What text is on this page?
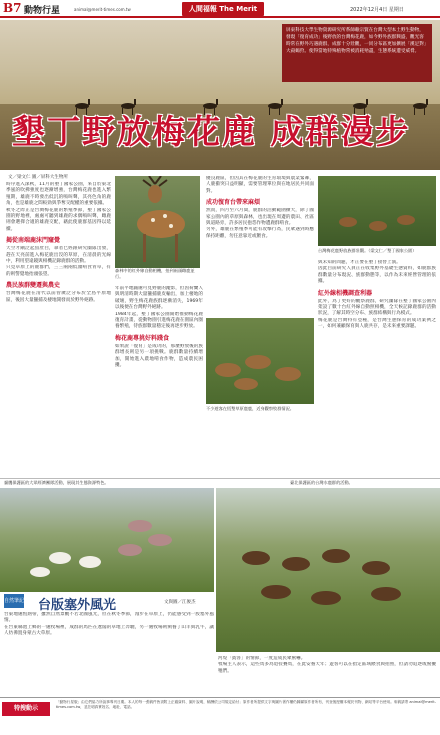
B7 動物行星	animal@merit-times.com.tw	人間福報 The Merit	2022年12月4日 星期日
屏東科技大學生物資源研究所系師賴宗賢在台灣大型本土野生動物，發現「復育成功」後野放的台灣梅花鹿，如今野外族群興盛，觀光客時常在野外巧遇鹿群，成群十分壯觀，一同分布區更加擴展「漢足對」大殺鶴狩。使得當地特殊植物常被消耗殆盡，生態系統遭受威脅。
墾丁野放梅花鹿 成群漫步
文／梁文仁 圖／屏科大生物所
森林中的紅外線自動相機，拍到兩頭雌鹿並行。

時序進入深秋，11月的墾丁國家公園，來自於東北季風的吹拂強度也逐漸增強，台灣梅花鹿也進入繁殖期，雄鹿不時發出低沉的鳴叫聲，其亮色角的鹿角，也是雄鹿之間較勁與爭奪交配權的重要依據。

秋冬之際正是台灣梅花鹿的繁殖季節，墾丁國家公園的野地裡，處處可聽到雄鹿的求偶鳴叫聲，雌鹿則會選擇合適的雄鹿交配，藉此使鹿群基因得以延續。

揭從南端鹿沫門窿覺

天空才剛泛起魚肚白，筆者已經跟研究團隊出發，趕在天亮前進入梅花鹿出沒的草原，在清晨的光線中，利用望遠鏡與相機記錄鹿群的活動。

只見草原上的鹿群們，三三兩兩低頭啃食青草，有的則警覺地抬頭張望。

農民族群變遷與農史

台灣梅花鹿在清代以前曾廣泛分布於全島平原地區，後因大量獵捕及棲地開發而於野外絕跡。

年前平地隨處可見野鹿的蹤影，但因荷蘭人與明清時期大量獵捕鹿皮輸出，加上棲地的破壞，野生梅花鹿族群逐漸消失，1969年以後便在台灣野外絕跡。

1984年起，墾丁國家公園開始推動梅花鹿復育計畫，從動物園引進梅花鹿在園區內圈養繁殖，待族群數量穩定後再逐步野放。

梅花鹿專挑好料踐食

如果說「復育」是成功的，那麼野放後的族群增長則是另一項挑戰。鹿群數量持續增加，開始進入農地啃食作物，造成農民困擾。

優良鹿區，但因其在梅花鹿的生育環境與農業緊鄰，人鹿衝突日益明顯，需要管理單位與在地居民共同面對。

成功復育台帶來麻煩

然而，四月至六月間，鹿群的活動範圍擴大，除了國家公園內的草原與森林，也出現在周邊的農田、社區與道路旁，許多居民抱怨作物遭鹿群啃食。

另外，雄鹿在繁殖季可能有攻擊行為，民眾遇到時應保持距離，勿任意靠近或餵食。

不少遊客在恆墾草原鹿鹿，近身觀察牧群情況。
台灣梅花鹿野放族群壯觀。（梁文仁／墾丁國家公園）

與未知的問題，才正要在墾丁接替上演。

因此目前研究人員正在收集野外基礎生態資料，如鹿群族群數量分布現況、族群動態等，以作為未來經營管理的依據。

紅外線相機調查利器

此外，為了更好的觀察鹿群，研究團隊在墾丁國家公園內架設了數十台紅外線自動照相機，全天候記錄鹿群的活動狀況，了解其時空分布、族群結構與行為模式。

梅花鹿是台灣特有亞種，是台灣生態保育的成功案例之一，如何兼顧保育與人鹿共存，是未來重要課題。

貓鷹保護區的大眾經濟團隊活動，展現其生態資源特色。	臺北保護區的台灣水鹿群的活動。
自然筆記 台版塞外風光	文與圖／江俊杰

台東地處恆熱帶，雖然自然景觀不若北國風光，但在秋冬季節，漫步在草原上，仍能感受到一股塞外風情。

在台東縣池上鄉的一處牧場裡，成群的馬匹在遼闊的草地上奔馳，另一處牧場則飼養了山羊與乳牛，讓人彷彿置身蒙古大草原。

河堤「賓客」的情節，一度造成民眾驚嚇。

牧場主人表示，這些馬多為退役賽馬，在此安養天年；遊客可以在指定區域餵食與拍照，但請勿追逐或驚擾牠們。

特搜動示
「動物行星版」由它們協力所說事專刊日期。本人的每一張稿件皆須附上正確資料、圖片說明，稿酬依公司規定給付；原作者所提供文字與圖片著作權仍歸屬原作者所有，刊登後授權本報於刊物、網站等平台使用。來稿請寄 animal@merit-times.com.tw，並註明真實姓名、地址、電話。
